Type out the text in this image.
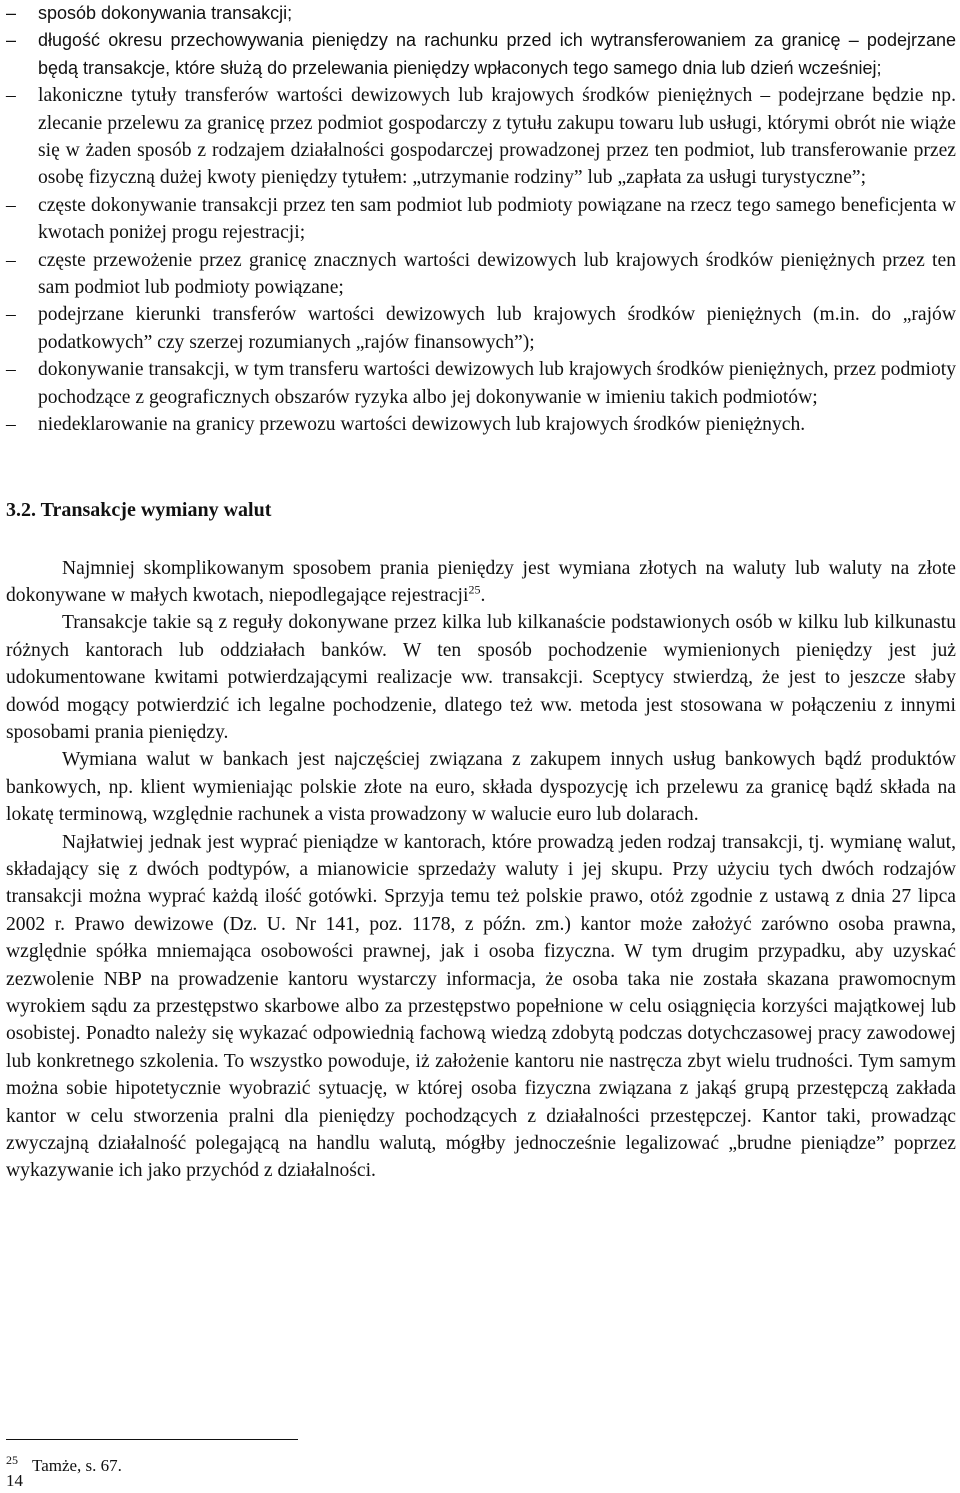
–	sposób dokonywania transakcji;
–	długość okresu przechowywania pieniędzy na rachunku przed ich wytransferowaniem za granicę – podejrzane będą transakcje, które służą do przelewania pieniędzy wpłaconych tego samego dnia lub dzień wcześniej;
–	lakoniczne tytuły transferów wartości dewizowych lub krajowych środków pieniężnych – podejrzane będzie np. zlecanie przelewu za granicę przez podmiot gospodarczy z tytułu zakupu towaru lub usługi, którymi obrót nie wiąże się w żaden sposób z rodzajem działalności gospodarczej prowadzonej przez ten podmiot, lub transferowanie przez osobę fizyczną dużej kwoty pieniędzy tytułem: „utrzymanie rodziny” lub „zapłata za usługi turystyczne”;
–	częste dokonywanie transakcji przez ten sam podmiot lub podmioty powiązane na rzecz tego samego beneficjenta w kwotach poniżej progu rejestracji;
–	częste przewożenie przez granicę znacznych wartości dewizowych lub krajowych środków pieniężnych przez ten sam podmiot lub podmioty powiązane;
–	podejrzane kierunki transferów wartości dewizowych lub krajowych środków pieniężnych (m.in. do „rajów podatkowych” czy szerzej rozumianych „rajów finansowych”);
–	dokonywanie transakcji, w tym transferu wartości dewizowych lub krajowych środków pieniężnych, przez podmioty pochodzące z geograficznych obszarów ryzyka albo jej dokonywanie w imieniu takich podmiotów;
–	niedeklarowanie na granicy przewozu wartości dewizowych lub krajowych środków pieniężnych.
3.2. Transakcje wymiany walut

Najmniej skomplikowanym sposobem prania pieniędzy jest wymiana złotych na waluty lub waluty na złote dokonywane w małych kwotach, niepodlegające rejestracji$^{25}$.

Transakcje takie są z reguły dokonywane przez kilka lub kilkanaście podstawionych osób w kilku lub kilkunastu różnych kantorach lub oddziałach banków. W ten sposób pochodzenie wymienionych pieniędzy jest już udokumentowane kwitami potwierdzającymi realizacje ww. transakcji. Sceptycy stwierdzą, że jest to jeszcze słaby dowód mogący potwierdzić ich legalne pochodzenie, dlatego też ww. metoda jest stosowana w połączeniu z innymi sposobami prania pieniędzy.

Wymiana walut w bankach jest najczęściej związana z zakupem innych usług bankowych bądź produktów bankowych, np. klient wymieniając polskie złote na euro, składa dyspozycję ich przelewu za granicę bądź składa na lokatę terminową, względnie rachunek a vista prowadzony w walucie euro lub dolarach.

Najłatwiej jednak jest wyprać pieniądze w kantorach, które prowadzą jeden rodzaj transakcji, tj. wymianę walut, składający się z dwóch podtypów, a mianowicie sprzedaży waluty i jej skupu. Przy użyciu tych dwóch rodzajów transakcji można wyprać każdą ilość gotówki. Sprzyja temu też polskie prawo, otóż zgodnie z ustawą z dnia 27 lipca 2002 r. Prawo dewizowe (Dz. U. Nr 141, poz. 1178, z późn. zm.) kantor może założyć zarówno osoba prawna, względnie spółka mniemająca osobowości prawnej, jak i osoba fizyczna. W tym drugim przypadku, aby uzyskać zezwolenie NBP na prowadzenie kantoru wystarczy informacja, że osoba taka nie została skazana prawomocnym wyrokiem sądu za przestępstwo skarbowe albo za przestępstwo popełnione w celu osiągnięcia korzyści majątkowej lub osobistej. Ponadto należy się wykazać odpowiednią fachową wiedzą zdobytą podczas dotychczasowej pracy zawodowej lub konkretnego szkolenia. To wszystko powoduje, iż założenie kantoru nie nastręcza zbyt wielu trudności. Tym samym można sobie hipotetycznie wyobrazić sytuację, w której osoba fizyczna związana z jakąś grupą przestępczą zakłada kantor w celu stworzenia pralni dla pieniędzy pochodzących z działalności przestępczej. Kantor taki, prowadząc zwyczajną działalność polegającą na handlu walutą, mógłby jednocześnie legalizować „brudne pieniądze” poprzez wykazywanie ich jako przychód z działalności.

$^{25}$ Tamże, s. 67.
14
